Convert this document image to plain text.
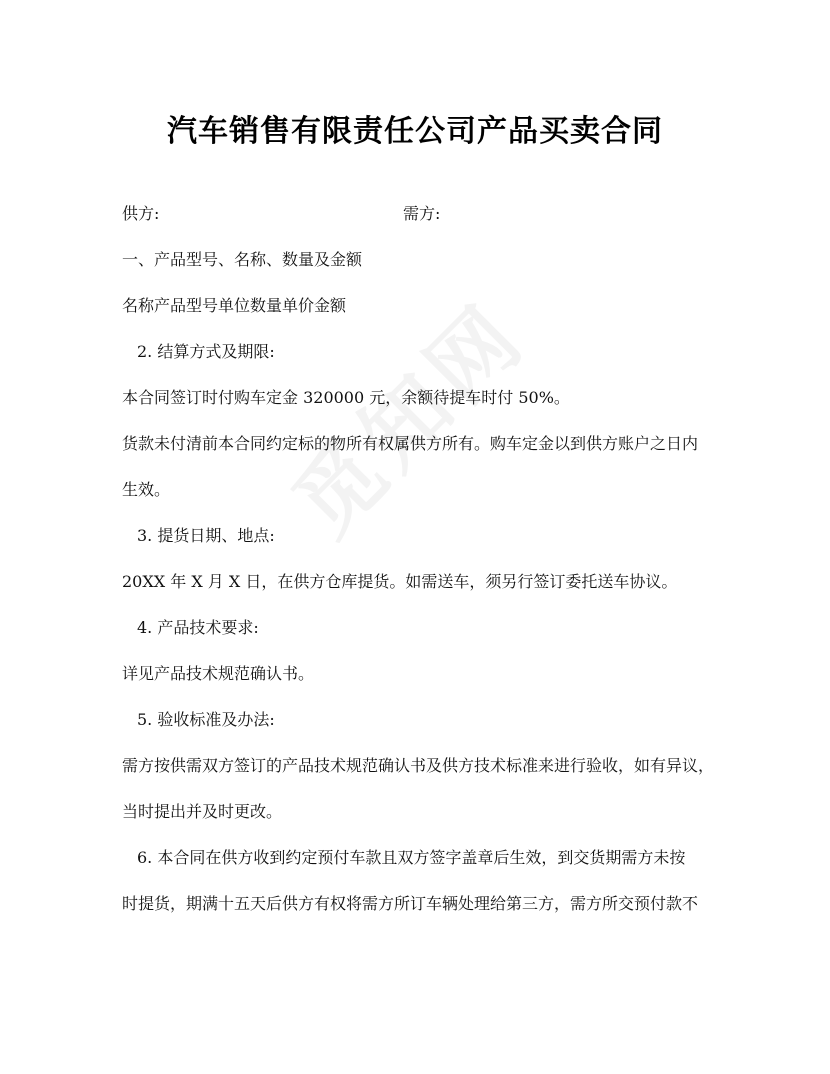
汽车销售有限责任公司产品买卖合同
供方:	需方:
一、产品型号、名称、数量及金额
名称产品型号单位数量单价金额
2. 结算方式及期限:
本合同签订时付购车定金 320000 元，余额待提车时付 50%。
货款未付清前本合同约定标的物所有权属供方所有。购车定金以到供方账户之日内
生效。
3. 提货日期、地点:
20XX 年 X 月 X 日，在供方仓库提货。如需送车，须另行签订委托送车协议。
4. 产品技术要求:
详见产品技术规范确认书。
5. 验收标准及办法:
需方按供需双方签订的产品技术规范确认书及供方技术标准来进行验收，如有异议，
当时提出并及时更改。
6. 本合同在供方收到约定预付车款且双方签字盖章后生效，到交货期需方未按
时提货，期满十五天后供方有权将需方所订车辆处理给第三方，需方所交预付款不
